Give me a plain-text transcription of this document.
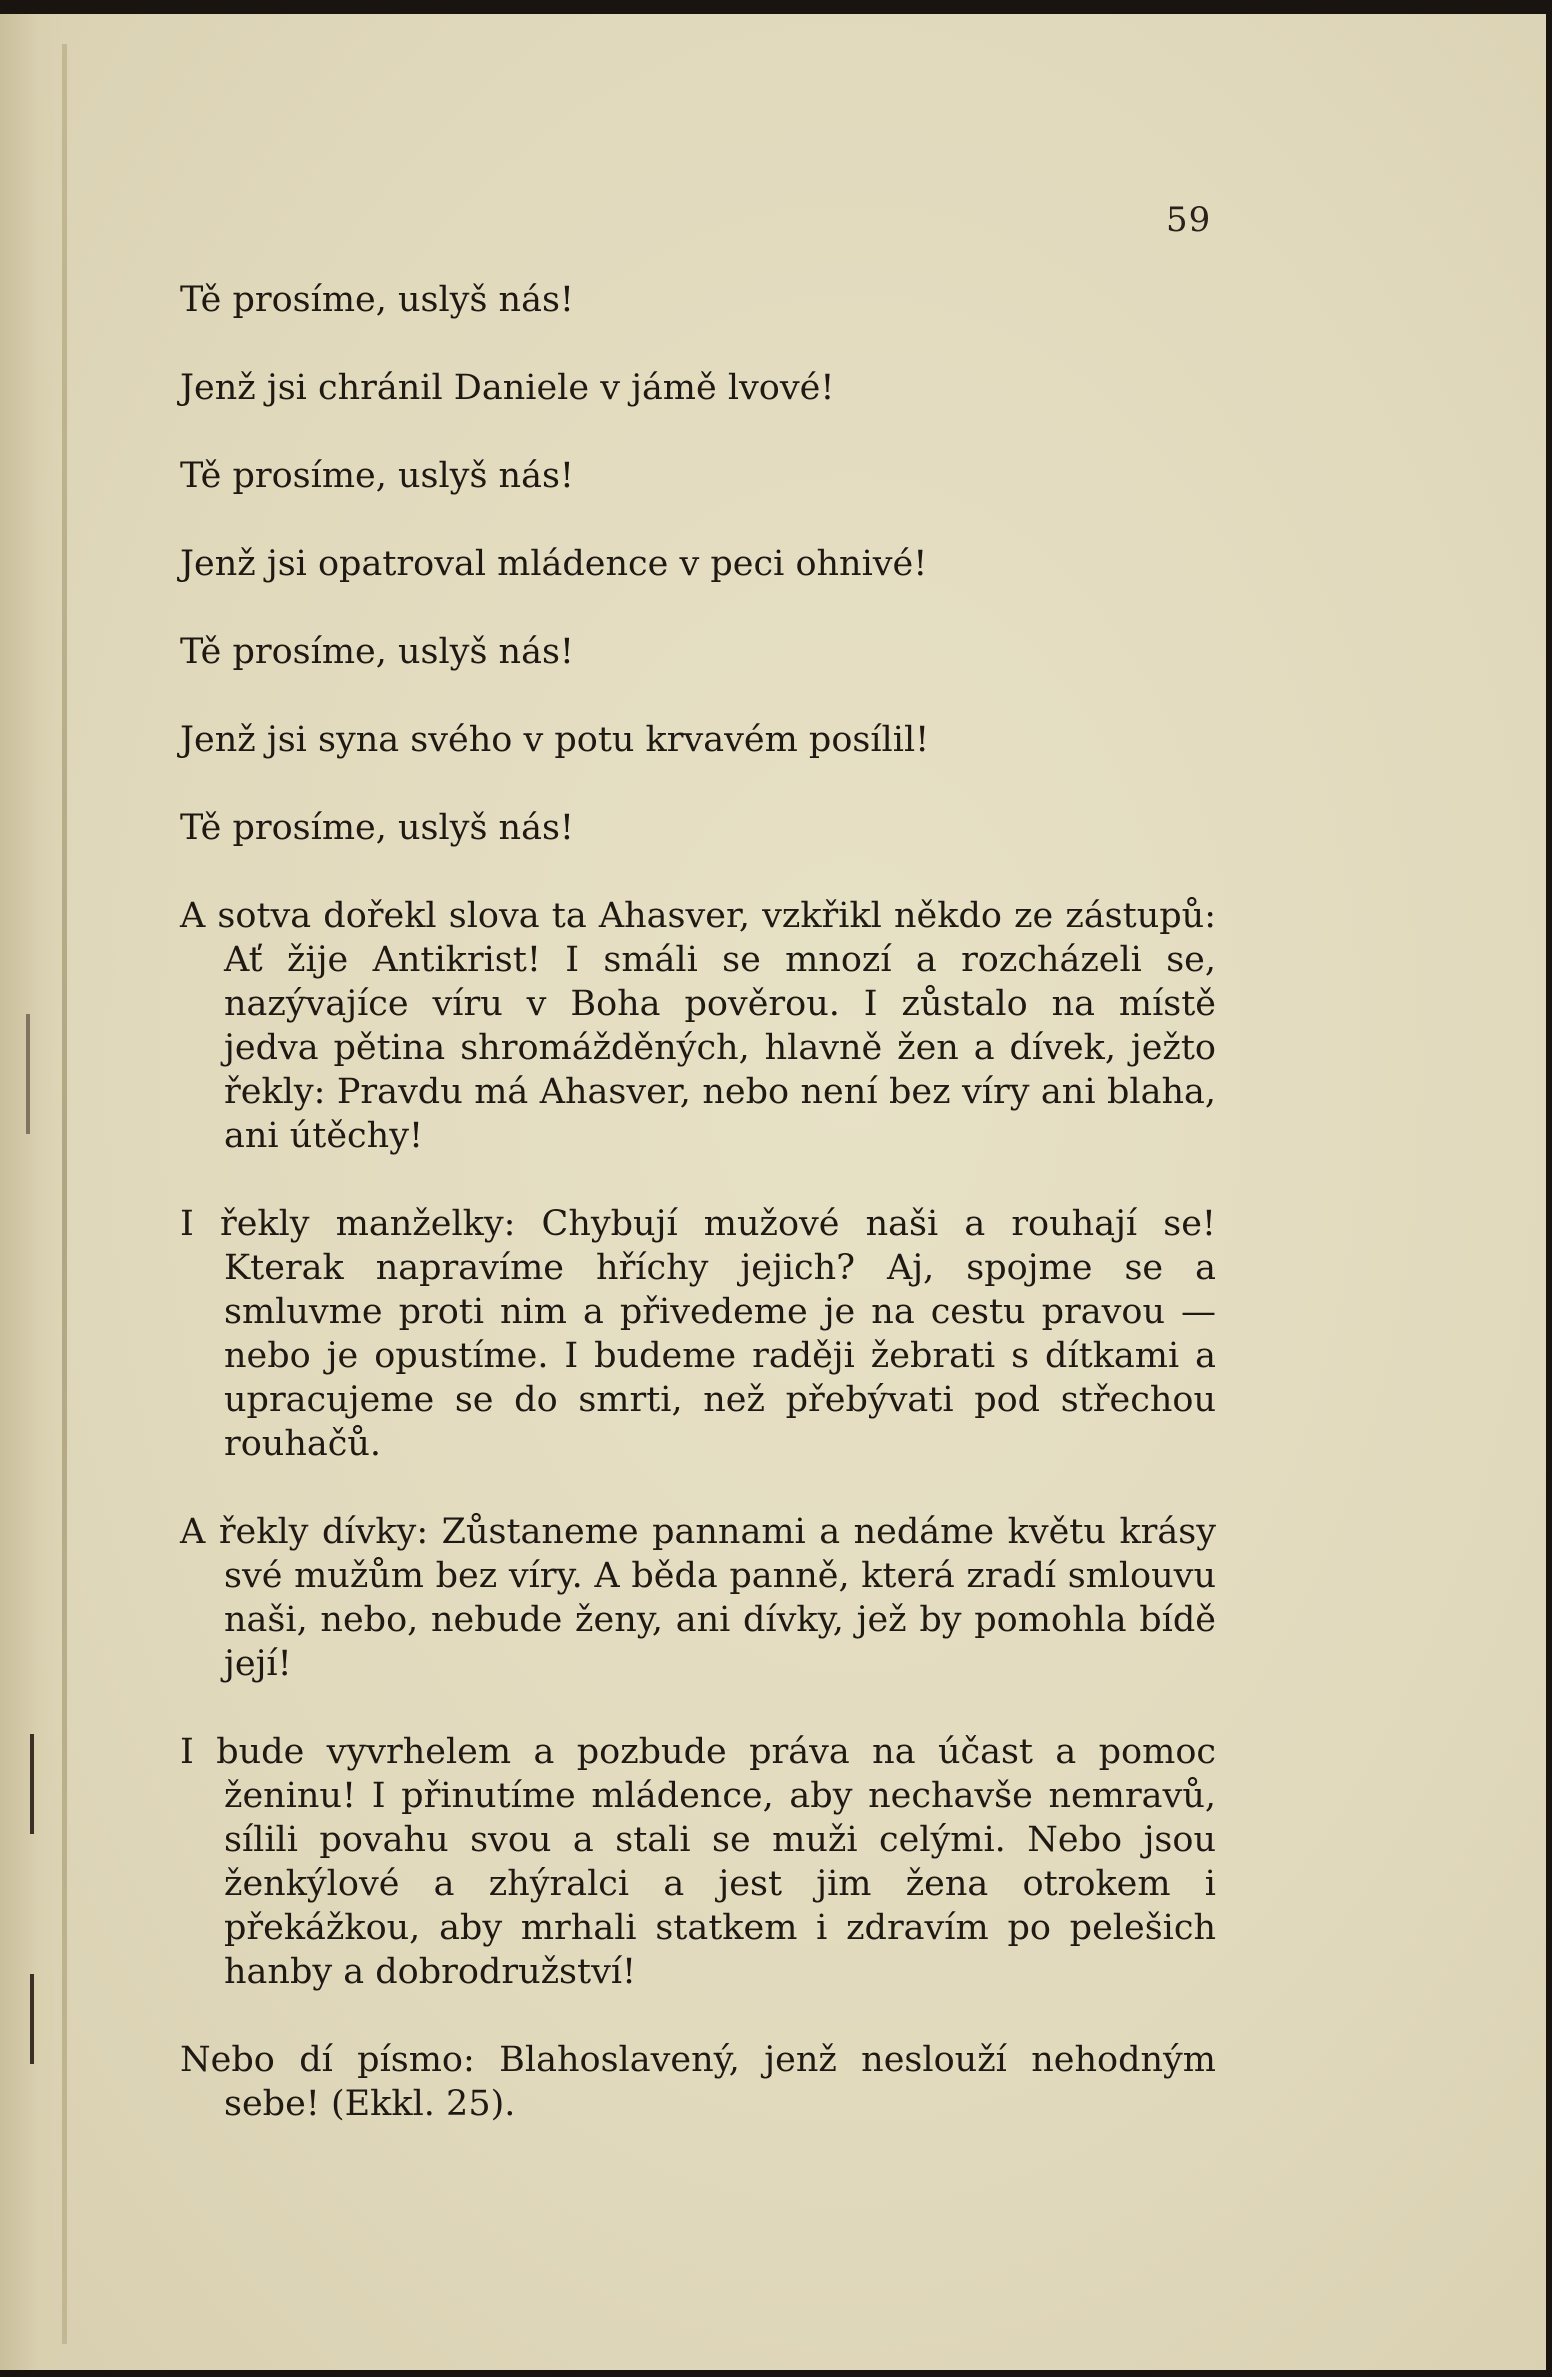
59
Tě prosíme, uslyš nás!
Jenž jsi chránil Daniele v jámě lvové!
Tě prosíme, uslyš nás!
Jenž jsi opatroval mládence v peci ohnivé!
Tě prosíme, uslyš nás!
Jenž jsi syna svého v potu krvavém posílil!
Tě prosíme, uslyš nás!

A sotva dořekl slova ta Ahasver, vzkřikl někdo ze zástupů: Ať žije Antikrist! I smáli se mnozí a rozcházeli se, nazývajíce víru v Boha pověrou. I zůstalo na místě jedva pětina shromážděných, hlavně žen a dívek, ježto řekly: Pravdu má Ahasver, nebo není bez víry ani blaha, ani útěchy!

I řekly manželky: Chybují mužové naši a rouhají se! Kterak napravíme hříchy jejich? Aj, spojme se a smluvme proti nim a přivedeme je na cestu pravou — nebo je opustíme. I budeme raději žebrati s dítkami a upracujeme se do smrti, než přebývati pod střechou rouhačů.

A řekly dívky: Zůstaneme pannami a nedáme květu krásy své mužům bez víry. A běda panně, která zradí smlouvu naši, nebo, nebude ženy, ani dívky, jež by pomohla bídě její!

I bude vyvrhelem a pozbude práva na účast a pomoc ženinu! I přinutíme mládence, aby nechavše nemravů, sílili povahu svou a stali se muži celými. Nebo jsou ženkýlové a zhýralci a jest jim žena otrokem i překážkou, aby mrhali statkem i zdravím po pelešich hanby a dobrodružství!

Nebo dí písmo: Blahoslavený, jenž neslouží nehodným sebe! (Ekkl. 25).
